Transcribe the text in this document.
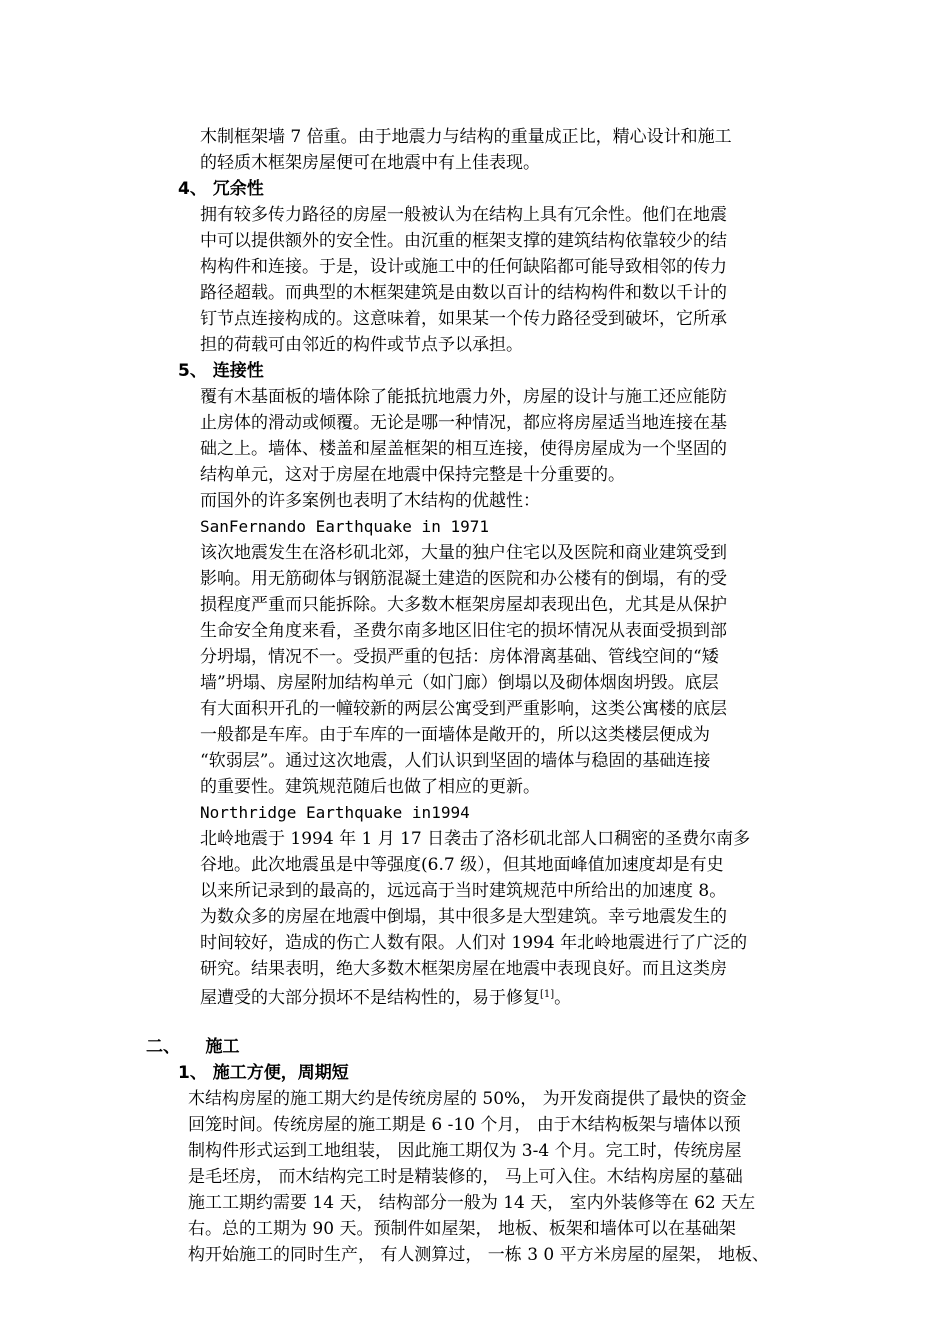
木制框架墙 7 倍重。由于地震力与结构的重量成正比，精心设计和施工
的轻质木框架房屋便可在地震中有上佳表现。
4、 冗余性
拥有较多传力路径的房屋一般被认为在结构上具有冗余性。他们在地震
中可以提供额外的安全性。由沉重的框架支撑的建筑结构依靠较少的结
构构件和连接。于是，设计或施工中的任何缺陷都可能导致相邻的传力
路径超载。而典型的木框架建筑是由数以百计的结构构件和数以千计的
钉节点连接构成的。这意味着，如果某一个传力路径受到破坏，它所承
担的荷载可由邻近的构件或节点予以承担。
5、 连接性
覆有木基面板的墙体除了能抵抗地震力外，房屋的设计与施工还应能防
止房体的滑动或倾覆。无论是哪一种情况，都应将房屋适当地连接在基
础之上。墙体、楼盖和屋盖框架的相互连接，使得房屋成为一个坚固的
结构单元，这对于房屋在地震中保持完整是十分重要的。
而国外的许多案例也表明了木结构的优越性：
SanFernando Earthquake in 1971
该次地震发生在洛杉矶北郊，大量的独户住宅以及医院和商业建筑受到
影响。用无筋砌体与钢筋混凝土建造的医院和办公楼有的倒塌，有的受
损程度严重而只能拆除。大多数木框架房屋却表现出色，尤其是从保护
生命安全角度来看，圣费尔南多地区旧住宅的损坏情况从表面受损到部
分坍塌，情况不一。受损严重的包括：房体滑离基础、管线空间的“矮
墙”坍塌、房屋附加结构单元（如门廊）倒塌以及砌体烟囱坍毁。底层
有大面积开孔的一幢较新的两层公寓受到严重影响，这类公寓楼的底层
一般都是车库。由于车库的一面墙体是敞开的，所以这类楼层便成为
“软弱层”。通过这次地震，人们认识到坚固的墙体与稳固的基础连接
的重要性。建筑规范随后也做了相应的更新。
Northridge Earthquake in1994
北岭地震于 1994 年 1 月 17 日袭击了洛杉矶北部人口稠密的圣费尔南多
谷地。此次地震虽是中等强度(6.7 级），但其地面峰值加速度却是有史
以来所记录到的最高的，远远高于当时建筑规范中所给出的加速度 8。
为数众多的房屋在地震中倒塌，其中很多是大型建筑。幸亏地震发生的
时间较好，造成的伤亡人数有限。人们对 1994 年北岭地震进行了广泛的
研究。结果表明，绝大多数木框架房屋在地震中表现良好。而且这类房
屋遭受的大部分损坏不是结构性的，易于修复[1]。
二、　　施工
1、 施工方便，周期短
木结构房屋的施工期大约是传统房屋的 50%， 为开发商提供了最快的资金
回笼时间。传统房屋的施工期是 6 -10 个月， 由于木结构板架与墙体以预
制构件形式运到工地组装， 因此施工期仅为 3-4 个月。完工时，传统房屋
是毛坯房， 而木结构完工时是精装修的， 马上可入住。木结构房屋的墓础
施工工期约需要 14 天， 结构部分一般为 14 天， 室内外装修等在 62 天左
右。总的工期为 90 天。预制件如屋架， 地板、板架和墙体可以在基础架
构开始施工的同时生产， 有人测算过， 一栋 3 0 平方米房屋的屋架， 地板、
